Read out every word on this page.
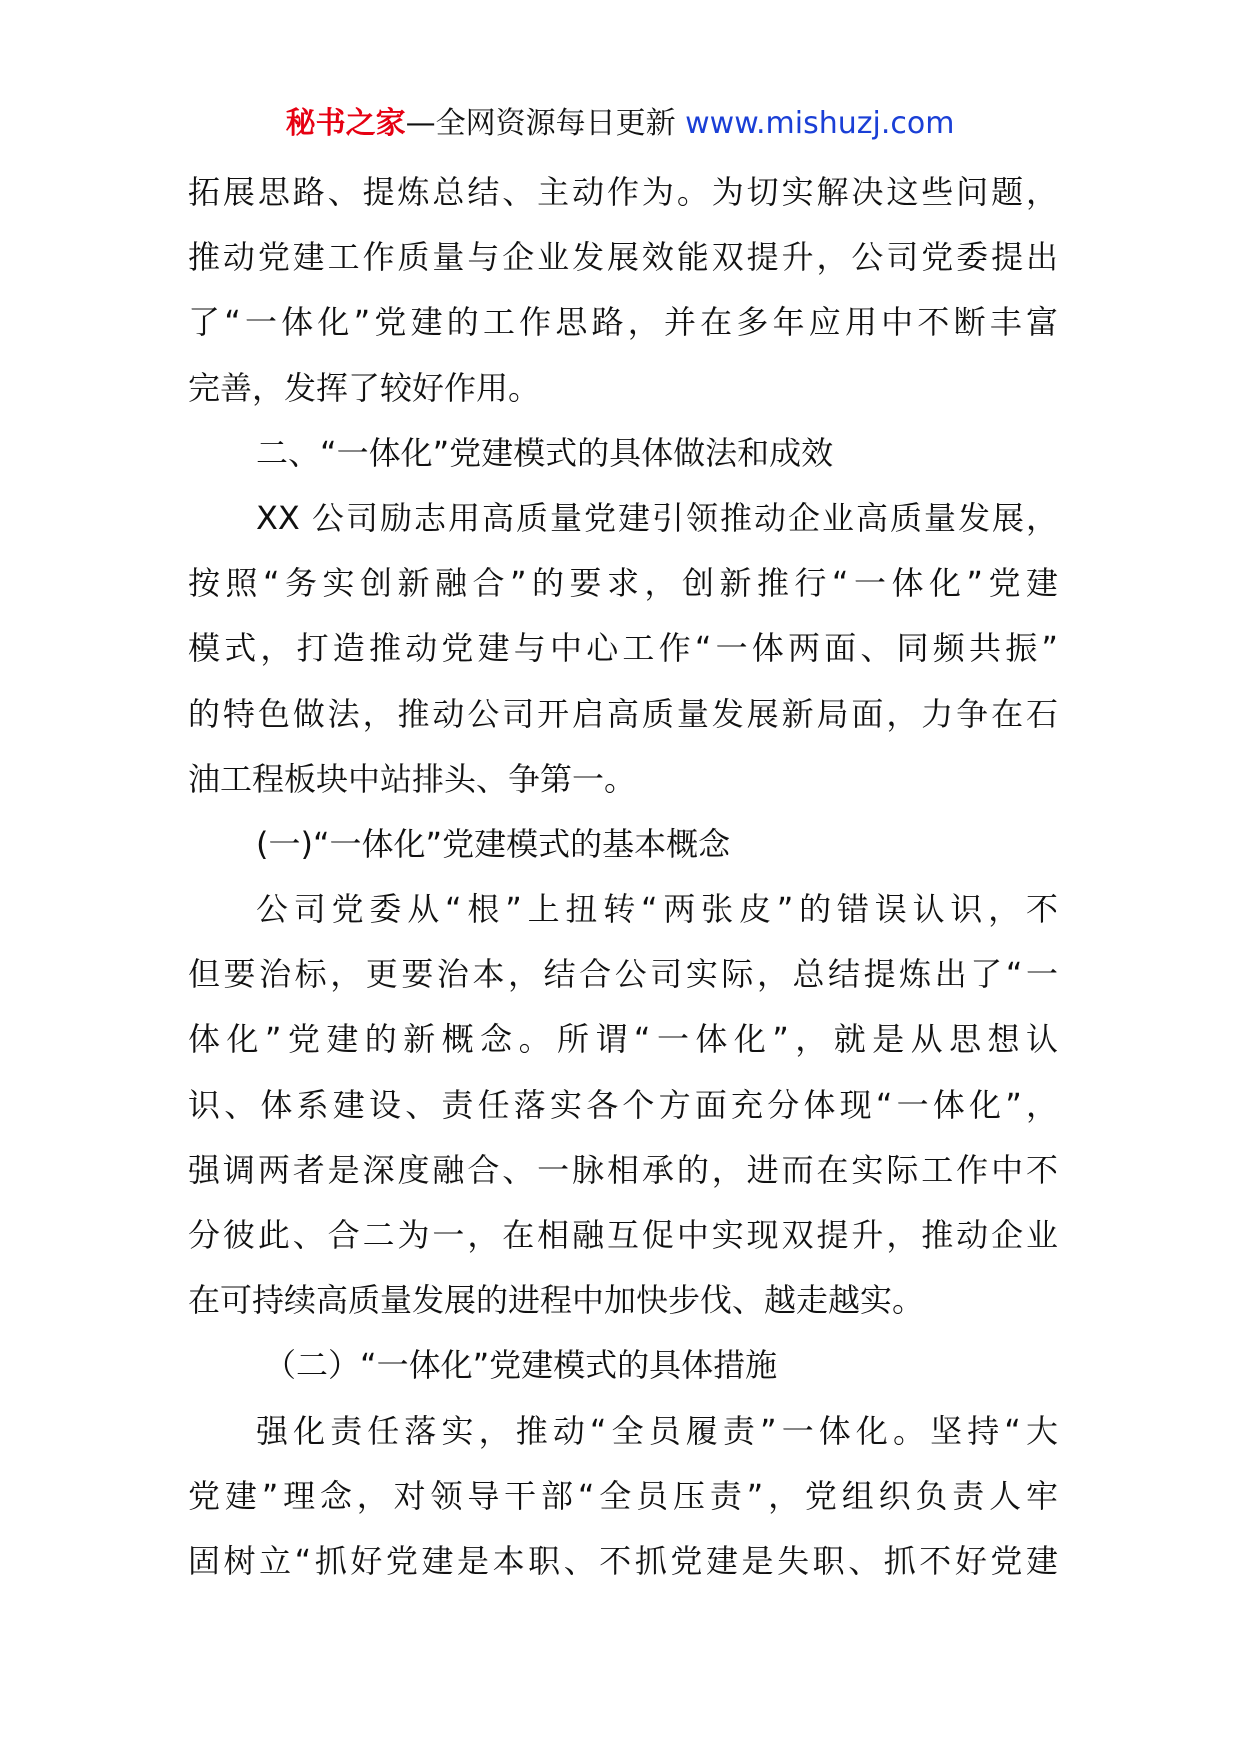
秘书之家—全网资源每日更新 www.mishuzj.com
拓展思路、提炼总结、主动作为。为切实解决这些问题，
推动党建工作质量与企业发展效能双提升，公司党委提出
了“一体化”党建的工作思路，并在多年应用中不断丰富
完善，发挥了较好作用。
二、“一体化”党建模式的具体做法和成效
XX 公司励志用高质量党建引领推动企业高质量发展，
按照“务实创新融合”的要求，创新推行“一体化”党建
模式，打造推动党建与中心工作“一体两面、同频共振”
的特色做法，推动公司开启高质量发展新局面，力争在石
油工程板块中站排头、争第一。
(一)“一体化”党建模式的基本概念
公司党委从“根”上扭转“两张皮”的错误认识，不
但要治标，更要治本，结合公司实际，总结提炼出了“一
体化”党建的新概念。所谓“一体化”，就是从思想认
识、体系建设、责任落实各个方面充分体现“一体化”，
强调两者是深度融合、一脉相承的，进而在实际工作中不
分彼此、合二为一，在相融互促中实现双提升，推动企业
在可持续高质量发展的进程中加快步伐、越走越实。
（二）“一体化”党建模式的具体措施
强化责任落实，推动“全员履责”一体化。坚持“大
党建”理念，对领导干部“全员压责”，党组织负责人牢
固树立“抓好党建是本职、不抓党建是失职、抓不好党建
